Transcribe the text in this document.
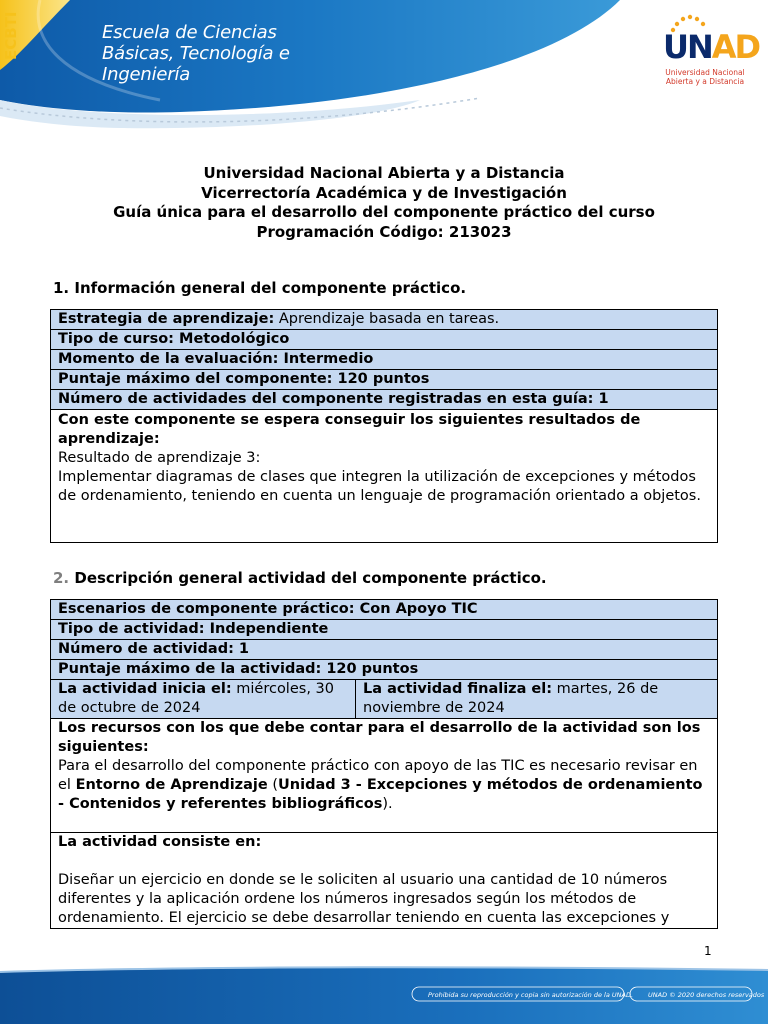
ECBTI	Escuela de Ciencias
Básicas, Tecnología e
Ingeniería
UNAD
Universidad Nacional
Abierta y a Distancia
Universidad Nacional Abierta y a Distancia
Vicerrectoría Académica y de Investigación
Guía única para el desarrollo del componente práctico del curso
Programación Código: 213023
1. Información general del componente práctico.
Estrategia de aprendizaje: Aprendizaje basada en tareas.
Tipo de curso: Metodológico
Momento de la evaluación: Intermedio
Puntaje máximo del componente: 120 puntos
Número de actividades del componente registradas en esta guía: 1

Con este componente se espera conseguir los siguientes resultados de aprendizaje:
Resultado de aprendizaje 3:
Implementar diagramas de clases que integren la utilización de excepciones y métodos de ordenamiento, teniendo en cuenta un lenguaje de programación orientado a objetos.
2. Descripción general actividad del componente práctico.
Escenarios de componente práctico: Con Apoyo TIC
Tipo de actividad: Independiente
Número de actividad: 1
Puntaje máximo de la actividad: 120 puntos
La actividad inicia el: miércoles, 30 de octubre de 2024	La actividad finaliza el: martes, 26 de noviembre de 2024

Los recursos con los que debe contar para el desarrollo de la actividad son los siguientes:
Para el desarrollo del componente práctico con apoyo de las TIC es necesario revisar en el Entorno de Aprendizaje (Unidad 3 - Excepciones y métodos de ordenamiento - Contenidos y referentes bibliográficos).

La actividad consiste en:
Diseñar un ejercicio en donde se le soliciten al usuario una cantidad de 10 números diferentes y la aplicación ordene los números ingresados según los métodos de ordenamiento. El ejercicio se debe desarrollar teniendo en cuenta las excepciones y
1
Prohibida su reproducción y copia sin autorización de la UNAD. UNAD © 2020 derechos reservados
